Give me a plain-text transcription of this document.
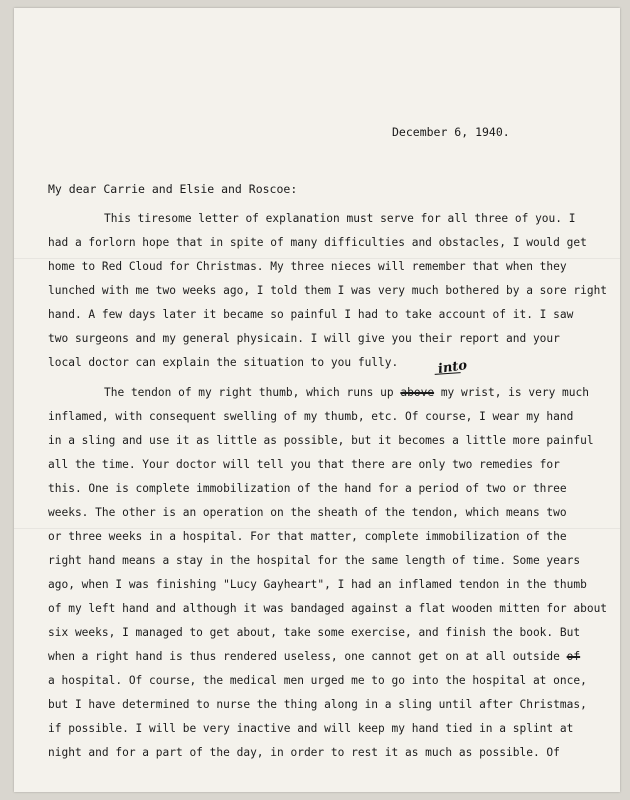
December 6, 1940.
My dear Carrie and Elsie and Roscoe:
This tiresome letter of explanation must serve for all three of you. I
had a forlorn hope that in spite of many difficulties and obstacles, I would get
home to Red Cloud for Christmas. My three nieces will remember that when they
lunched with me two weeks ago, I told them I was very much bothered by a sore right
hand. A few days later it became so painful I had to take account of it. I saw
two surgeons and my general physicain. I will give you their report and your
local doctor can explain the situation to you fully.	into
The tendon of my right thumb, which runs up above my wrist, is very much
inflamed, with consequent swelling of my thumb, etc. Of course, I wear my hand
in a sling and use it as little as possible, but it becomes a little more painful
all the time. Your doctor will tell you that there are only two remedies for
this. One is complete immobilization of the hand for a period of two or three
weeks. The other is an operation on the sheath of the tendon, which means two
or three weeks in a hospital. For that matter, complete immobilization of the
right hand means a stay in the hospital for the same length of time. Some years
ago, when I was finishing "Lucy Gayheart", I had an inflamed tendon in the thumb
of my left hand and although it was bandaged against a flat wooden mitten for about
six weeks, I managed to get about, take some exercise, and finish the book. But
when a right hand is thus rendered useless, one cannot get on at all outside of
a hospital. Of course, the medical men urged me to go into the hospital at once,
but I have determined to nurse the thing along in a sling until after Christmas,
if possible. I will be very inactive and will keep my hand tied in a splint at
night and for a part of the day, in order to rest it as much as possible. Of
